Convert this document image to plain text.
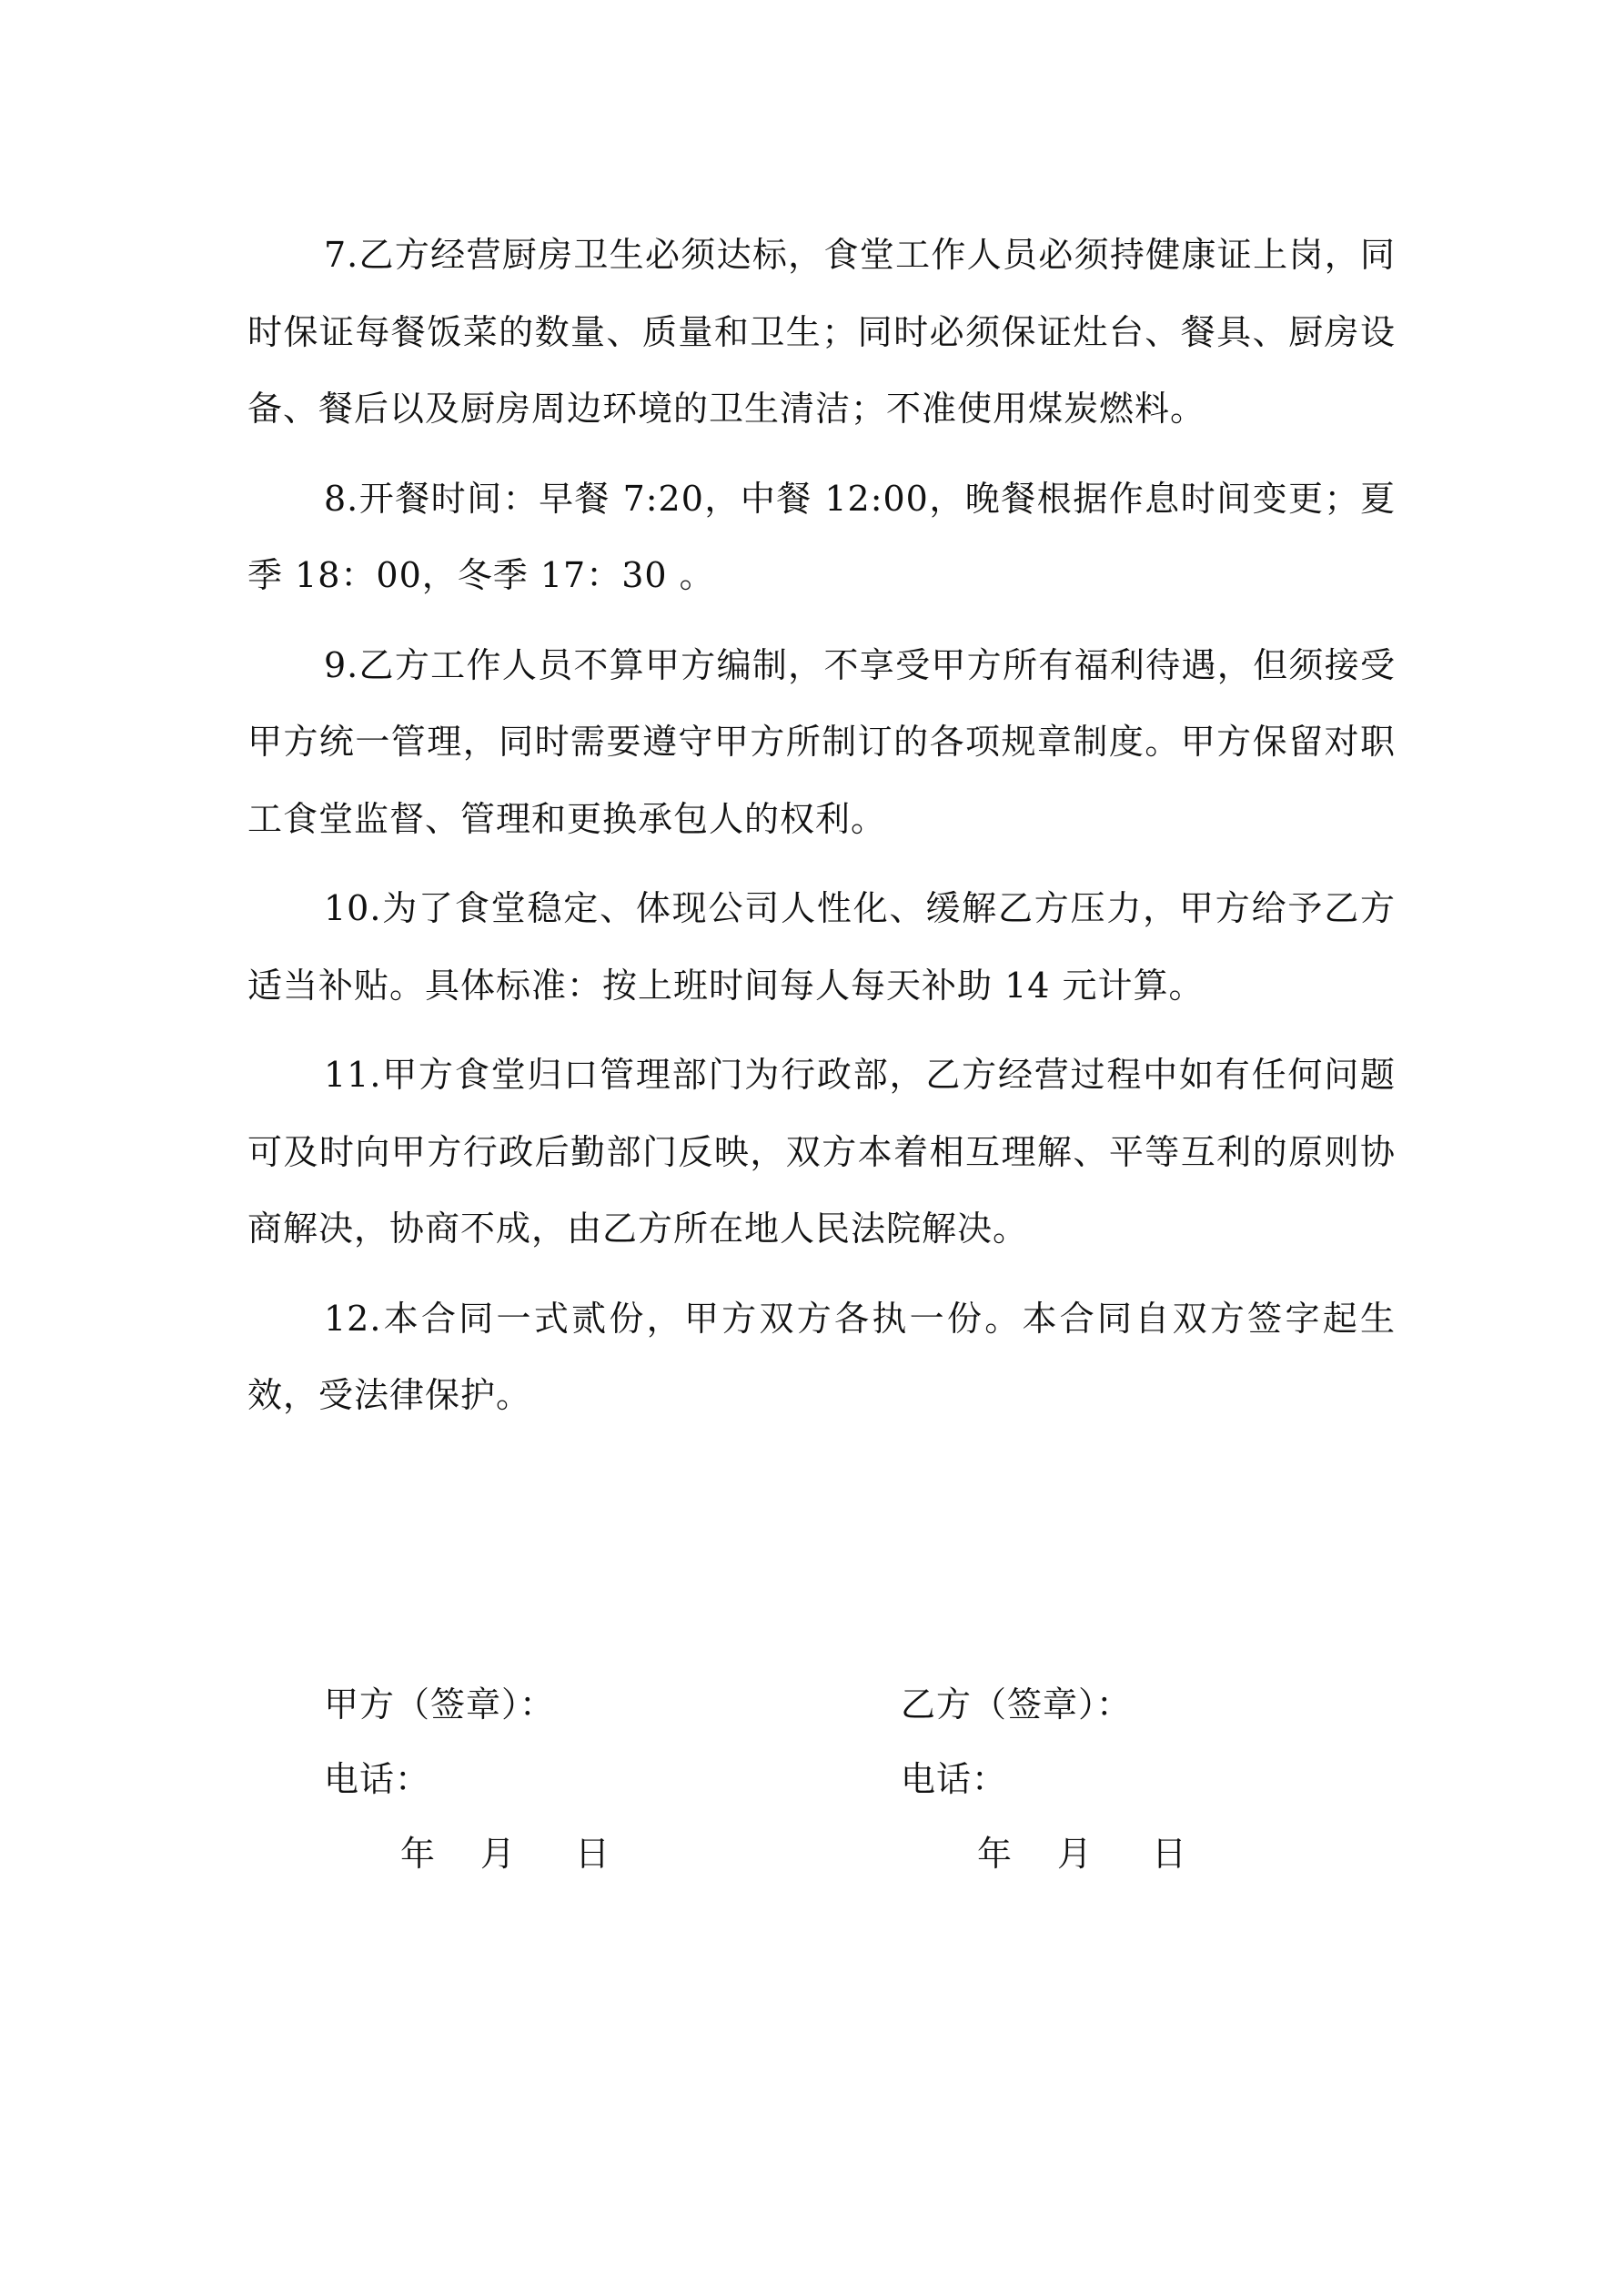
7.乙方经营厨房卫生必须达标，食堂工作人员必须持健康证上岗，同时保证每餐饭菜的数量、质量和卫生；同时必须保证灶台、餐具、厨房设备、餐后以及厨房周边环境的卫生清洁；不准使用煤炭燃料。

8.开餐时间：早餐 7:20，中餐 12:00，晚餐根据作息时间变更；夏季 18：00，冬季 17：30 。

9.乙方工作人员不算甲方编制，不享受甲方所有福利待遇，但须接受甲方统一管理，同时需要遵守甲方所制订的各项规章制度。甲方保留对职工食堂监督、管理和更换承包人的权利。

10.为了食堂稳定、体现公司人性化、缓解乙方压力，甲方给予乙方适当补贴。具体标准：按上班时间每人每天补助 14 元计算。

11.甲方食堂归口管理部门为行政部，乙方经营过程中如有任何问题可及时向甲方行政后勤部门反映，双方本着相互理解、平等互利的原则协商解决，协商不成，由乙方所在地人民法院解决。

12.本合同一式贰份，甲方双方各执一份。本合同自双方签字起生效，受法律保护。

甲方（签章）：
电话：
年 月 日
乙方（签章）：
电话：
年 月 日
